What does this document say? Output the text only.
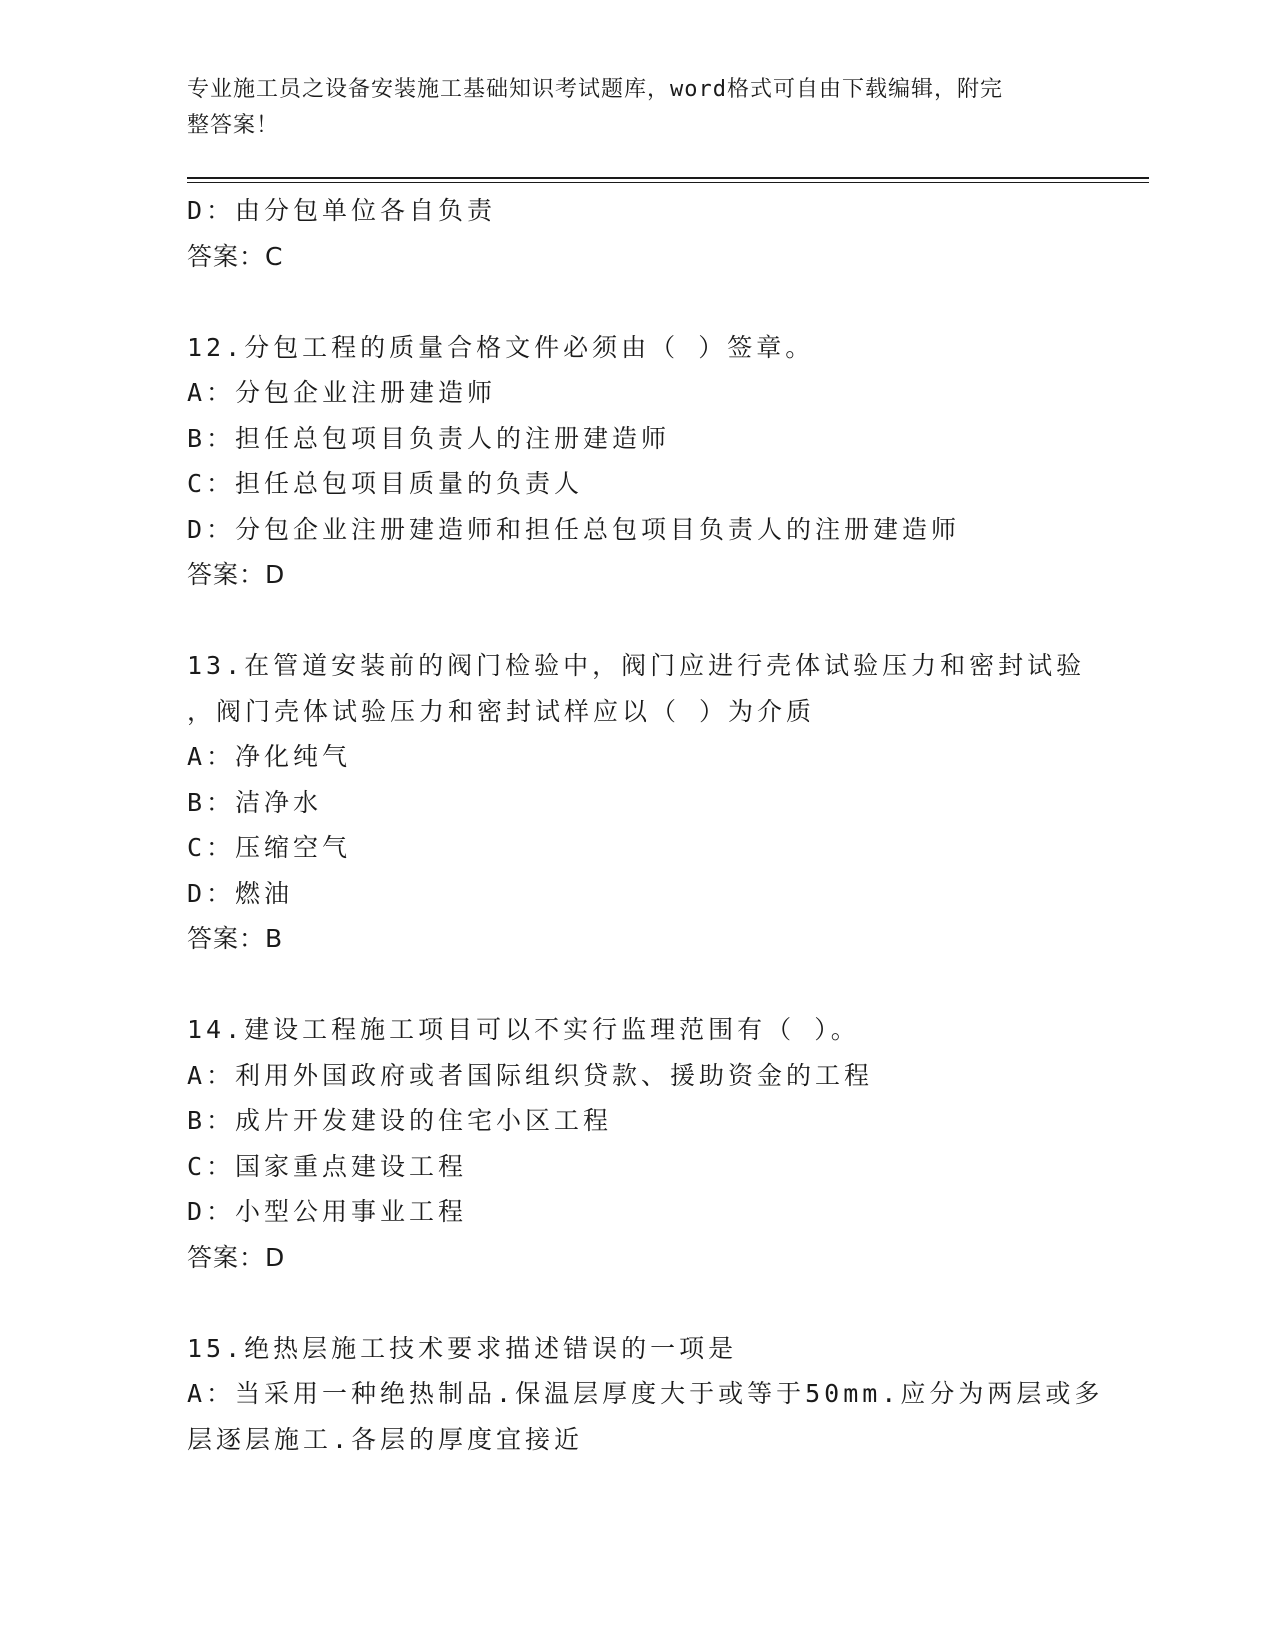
专业施工员之设备安装施工基础知识考试题库，word格式可自由下载编辑，附完
整答案！
D：由分包单位各自负责
答案：C
12.分包工程的质量合格文件必须由（ ）签章。
A：分包企业注册建造师
B：担任总包项目负责人的注册建造师
C：担任总包项目质量的负责人
D：分包企业注册建造师和担任总包项目负责人的注册建造师
答案：D
13.在管道安装前的阀门检验中，阀门应进行壳体试验压力和密封试验
，阀门壳体试验压力和密封试样应以（ ）为介质
A：净化纯气
B：洁净水
C：压缩空气
D：燃油
答案：B
14.建设工程施工项目可以不实行监理范围有（ ）。
A：利用外国政府或者国际组织贷款、援助资金的工程
B：成片开发建设的住宅小区工程
C：国家重点建设工程
D：小型公用事业工程
答案：D
15.绝热层施工技术要求描述错误的一项是
A：当采用一种绝热制品.保温层厚度大于或等于50mm.应分为两层或多
层逐层施工.各层的厚度宜接近
